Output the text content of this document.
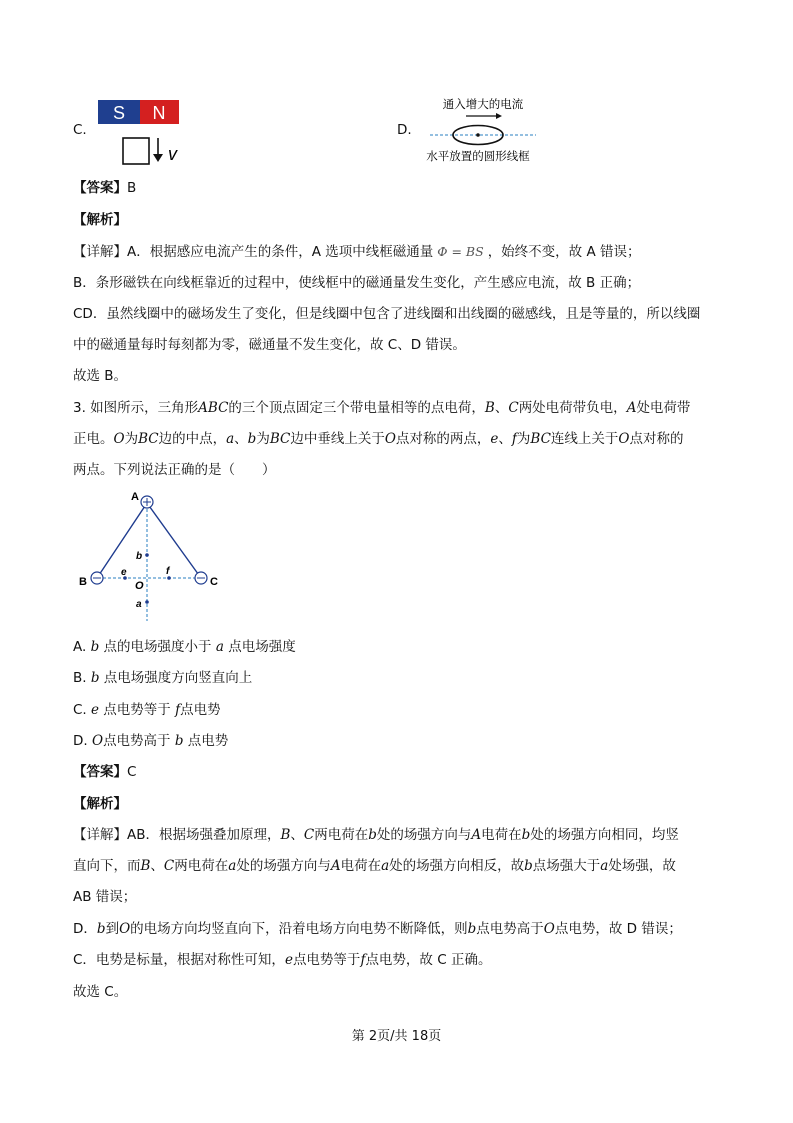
C.
S N
v
D.
通入增大的电流
水平放置的圆形线框
【答案】B
【解析】
【详解】A．根据感应电流产生的条件，A 选项中线框磁通量 Φ = BS ，始终不变，故 A 错误；
B．条形磁铁在向线框靠近的过程中，使线框中的磁通量发生变化，产生感应电流，故 B 正确；
CD．虽然线圈中的磁场发生了变化，但是线圈中包含了进线圈和出线圈的磁感线，且是等量的，所以线圈
中的磁通量每时每刻都为零，磁通量不发生变化，故 C、D 错误。
故选 B。
3. 如图所示，三角形ABC的三个顶点固定三个带电量相等的点电荷，B、C两处电荷带负电，A处电荷带
正电。O为BC边的中点，a、b为BC边中垂线上关于O点对称的两点，e、f为BC连线上关于O点对称的
两点。下列说法正确的是（　　）
A
B	C
O
b
a
e	f
A. b 点的电场强度小于 a 点电场强度
B. b 点电场强度方向竖直向上
C. e 点电势等于 f点电势
D. O点电势高于 b 点电势
【答案】C
【解析】
【详解】AB．根据场强叠加原理，B、C两电荷在b处的场强方向与A电荷在b处的场强方向相同，均竖
直向下，而B、C两电荷在a处的场强方向与A电荷在a处的场强方向相反，故b点场强大于a处场强，故
AB 错误；
D．b到O的电场方向均竖直向下，沿着电场方向电势不断降低，则b点电势高于O点电势，故 D 错误；
C．电势是标量，根据对称性可知，e点电势等于f点电势，故 C 正确。
故选 C。
第 2页/共 18页
